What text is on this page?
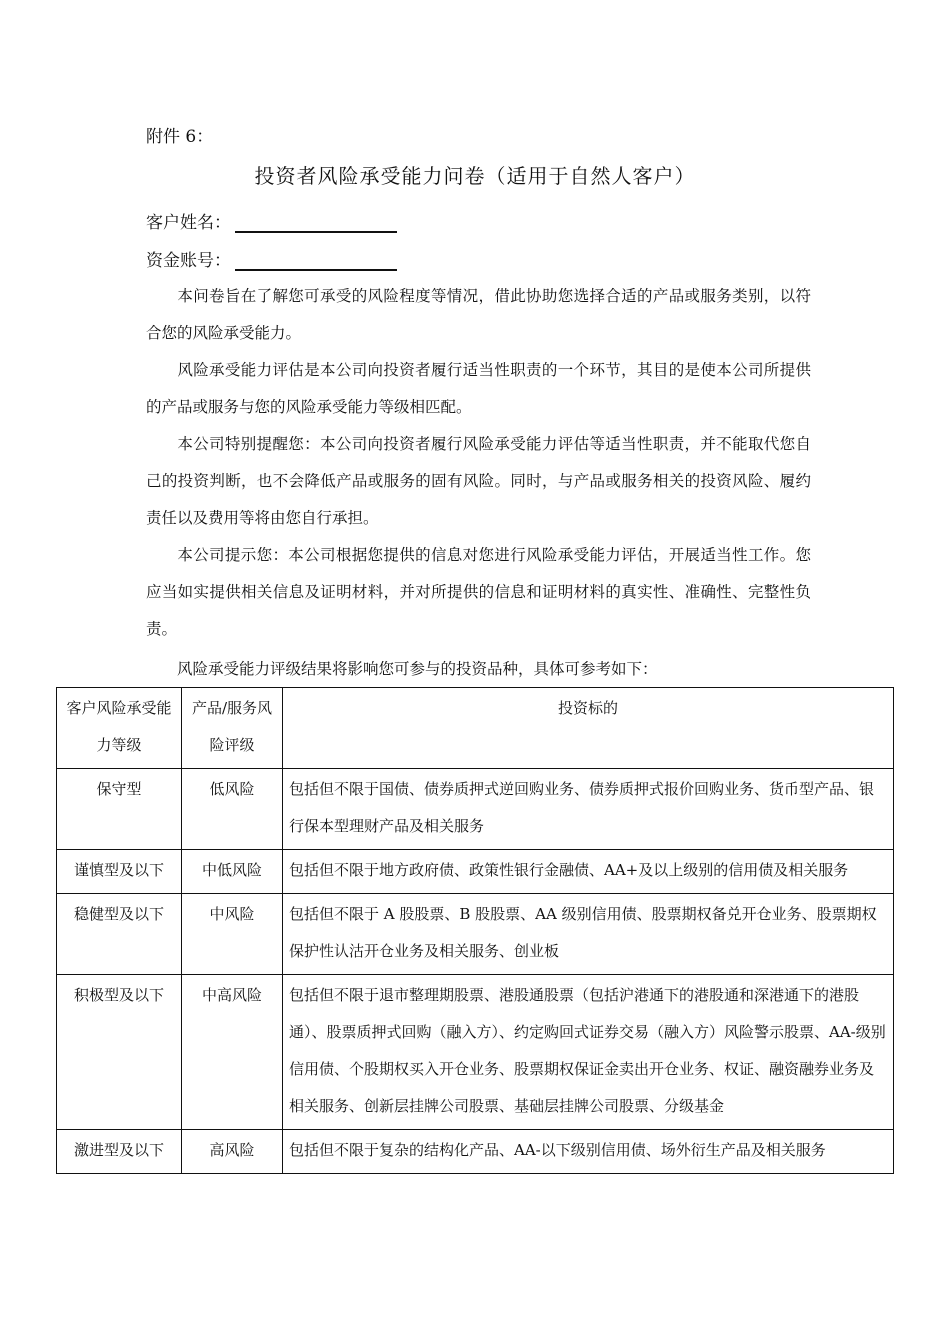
附件 6：
投资者风险承受能力问卷（适用于自然人客户）
客户姓名：
资金账号：
本问卷旨在了解您可承受的风险程度等情况，借此协助您选择合适的产品或服务类别，以符合您的风险承受能力。
风险承受能力评估是本公司向投资者履行适当性职责的一个环节，其目的是使本公司所提供的产品或服务与您的风险承受能力等级相匹配。
本公司特别提醒您：本公司向投资者履行风险承受能力评估等适当性职责，并不能取代您自己的投资判断，也不会降低产品或服务的固有风险。同时，与产品或服务相关的投资风险、履约责任以及费用等将由您自行承担。
本公司提示您：本公司根据您提供的信息对您进行风险承受能力评估，开展适当性工作。您应当如实提供相关信息及证明材料，并对所提供的信息和证明材料的真实性、准确性、完整性负责。
风险承受能力评级结果将影响您可参与的投资品种，具体可参考如下：
客户风险承受能力等级	产品/服务风险评级	投资标的
保守型	低风险	包括但不限于国债、债券质押式逆回购业务、债券质押式报价回购业务、货币型产品、银行保本型理财产品及相关服务
谨慎型及以下	中低风险	包括但不限于地方政府债、政策性银行金融债、AA+及以上级别的信用债及相关服务
稳健型及以下	中风险	包括但不限于 A 股股票、B 股股票、AA 级别信用债、股票期权备兑开仓业务、股票期权保护性认沽开仓业务及相关服务、创业板
积极型及以下	中高风险	包括但不限于退市整理期股票、港股通股票（包括沪港通下的港股通和深港通下的港股通）、股票质押式回购（融入方）、约定购回式证券交易（融入方）风险警示股票、AA-级别信用债、个股期权买入开仓业务、股票期权保证金卖出开仓业务、权证、融资融券业务及相关服务、创新层挂牌公司股票、基础层挂牌公司股票、分级基金
激进型及以下	高风险	包括但不限于复杂的结构化产品、AA-以下级别信用债、场外衍生产品及相关服务
